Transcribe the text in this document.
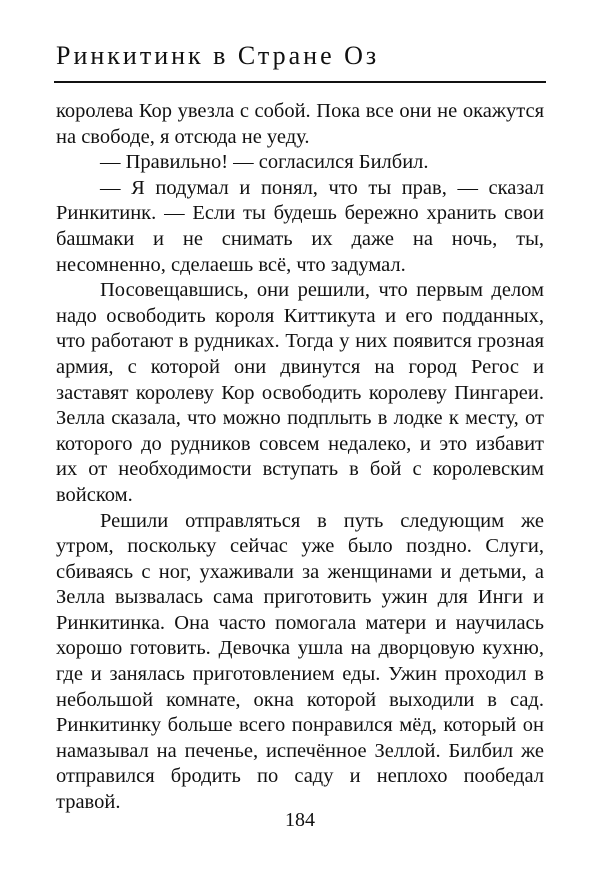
Ринкитинк в Стране Оз

королева Кор увезла с собой. Пока все они не окажутся на свободе, я отсюда не уеду.

— Правильно! — согласился Билбил.

— Я подумал и понял, что ты прав, — сказал Ринкитинк. — Если ты будешь бережно хранить свои башмаки и не снимать их даже на ночь, ты, несомненно, сделаешь всё, что задумал.

Посовещавшись, они решили, что первым делом надо освободить короля Киттикута и его подданных, что работают в рудниках. Тогда у них появится грозная армия, с которой они двинутся на город Регос и заставят королеву Кор освободить королеву Пингареи. Зелла сказала, что можно подплыть в лодке к месту, от которого до рудников совсем недалеко, и это избавит их от необходимости вступать в бой с королевским войском.

Решили отправляться в путь следующим же утром, поскольку сейчас уже было поздно. Слуги, сбиваясь с ног, ухаживали за женщинами и детьми, а Зелла вызвалась сама приготовить ужин для Инги и Ринкитинка. Она часто помогала матери и научилась хорошо готовить. Девочка ушла на дворцовую кухню, где и занялась приготовлением еды. Ужин проходил в небольшой комнате, окна которой выходили в сад. Ринкитинку больше всего понравился мёд, который он намазывал на печенье, испечённое Зеллой. Билбил же отправился бродить по саду и неплохо пообедал травой.

184
